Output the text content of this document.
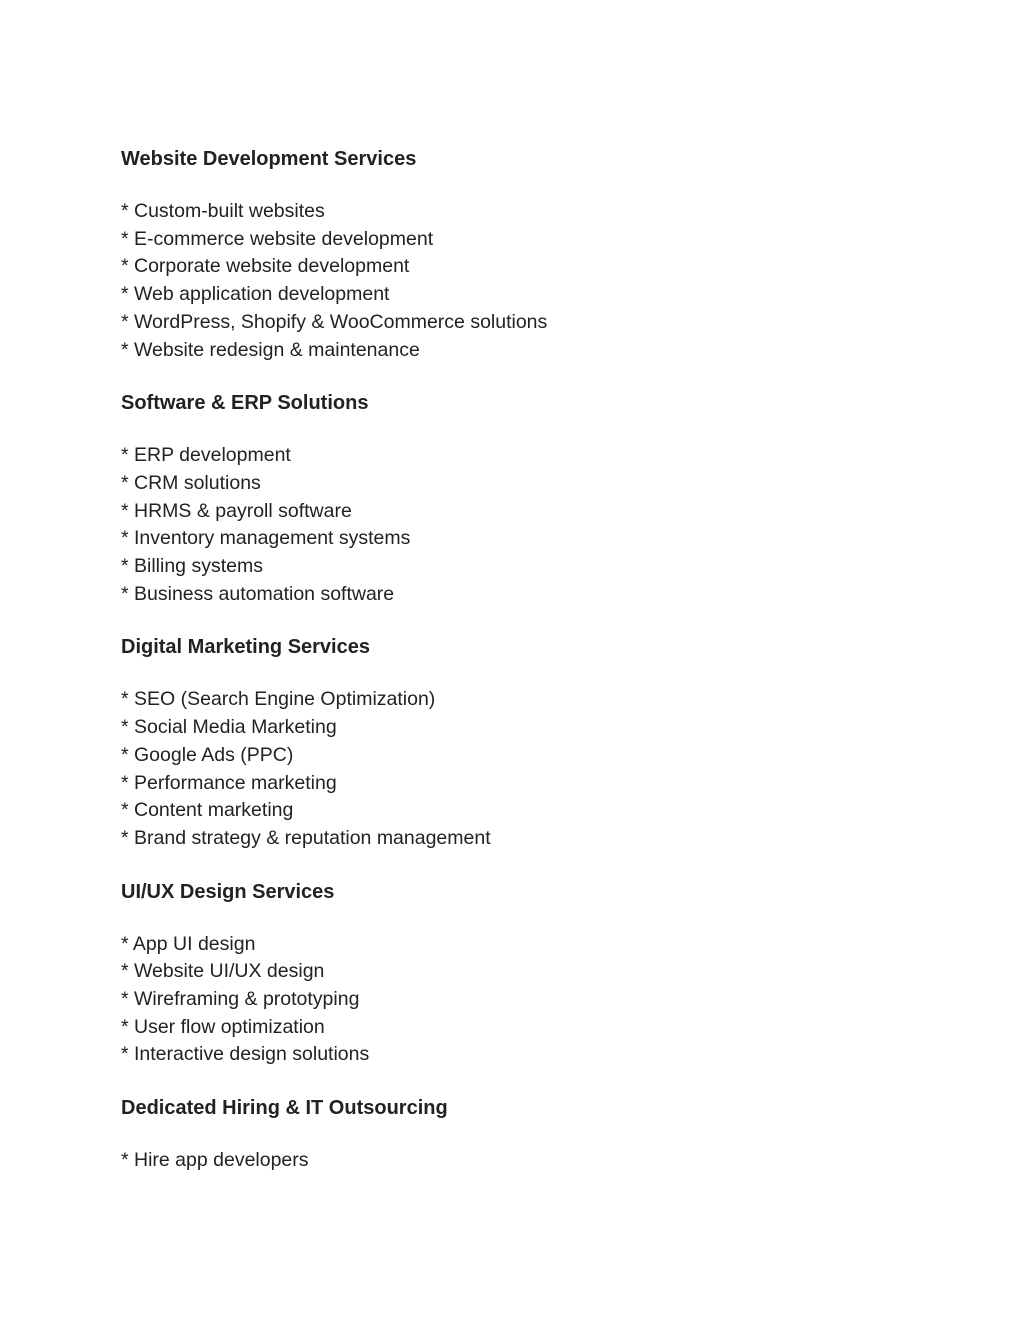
Website Development Services
* Custom-built websites
* E-commerce website development
* Corporate website development
* Web application development
* WordPress, Shopify & WooCommerce solutions
* Website redesign & maintenance
Software & ERP Solutions
* ERP development
* CRM solutions
* HRMS & payroll software
* Inventory management systems
* Billing systems
* Business automation software
Digital Marketing Services
* SEO (Search Engine Optimization)
* Social Media Marketing
* Google Ads (PPC)
* Performance marketing
* Content marketing
* Brand strategy & reputation management
UI/UX Design Services
* App UI design
* Website UI/UX design
* Wireframing & prototyping
* User flow optimization
* Interactive design solutions
Dedicated Hiring & IT Outsourcing
* Hire app developers
